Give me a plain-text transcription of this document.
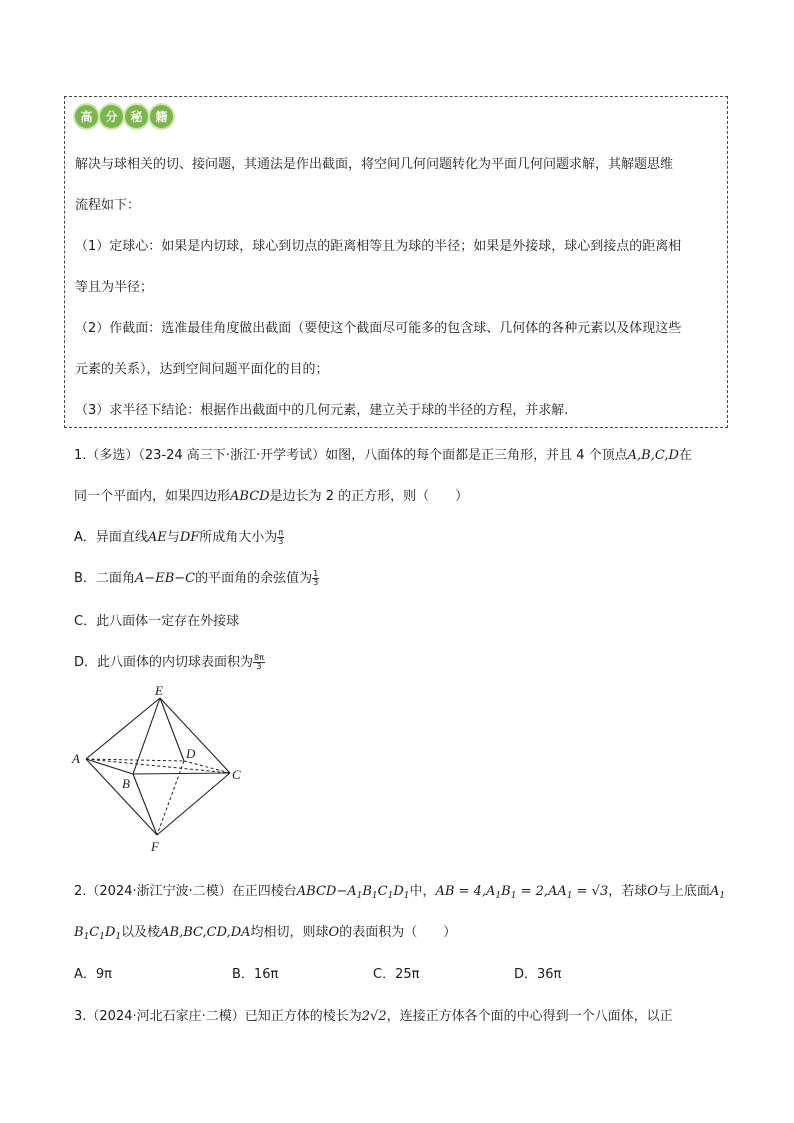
高	分	秘	籍
解决与球相关的切、接问题，其通法是作出截面，将空间几何问题转化为平面几何问题求解，其解题思维
流程如下：
（1）定球心：如果是内切球，球心到切点的距离相等且为球的半径；如果是外接球，球心到接点的距离相
等且为半径；
（2）作截面：选准最佳角度做出截面（要使这个截面尽可能多的包含球、几何体的各种元素以及体现这些
元素的关系），达到空间问题平面化的目的；
（3）求半径下结论：根据作出截面中的几何元素，建立关于球的半径的方程，并求解.
1.（多选）（23-24 高三下·浙江·开学考试）如图，八面体的每个面都是正三角形，并且 4 个顶点A,B,C,D在
同一个平面内，如果四边形ABCD是边长为 2 的正方形，则（　　）
A．异面直线AE与DF所成角大小为 $\frac{\pi}{3}$
B．二面角A−EB−C的平面角的余弦值为 $\frac{1}{3}$
C．此八面体一定存在外接球
D．此八面体的内切球表面积为 $\frac{8\pi}{3}$
E
A	D
C
B
F
2.（2024·浙江宁波·二模）在正四棱台$ABCD-A_1B_1C_1D_1$中，AB = $4,A_1B_1 = 2,AA_1 = √3$，若球O与上底面$A_1$
$B_1C_1D_1$以及棱AB,BC,CD,DA均相切，则球O的表面积为（　　）
A．9π	B．16π	C．25π	D．36π
3.（2024·河北石家庄·二模）已知正方体的棱长为2√2，连接正方体各个面的中心得到一个八面体，以正
